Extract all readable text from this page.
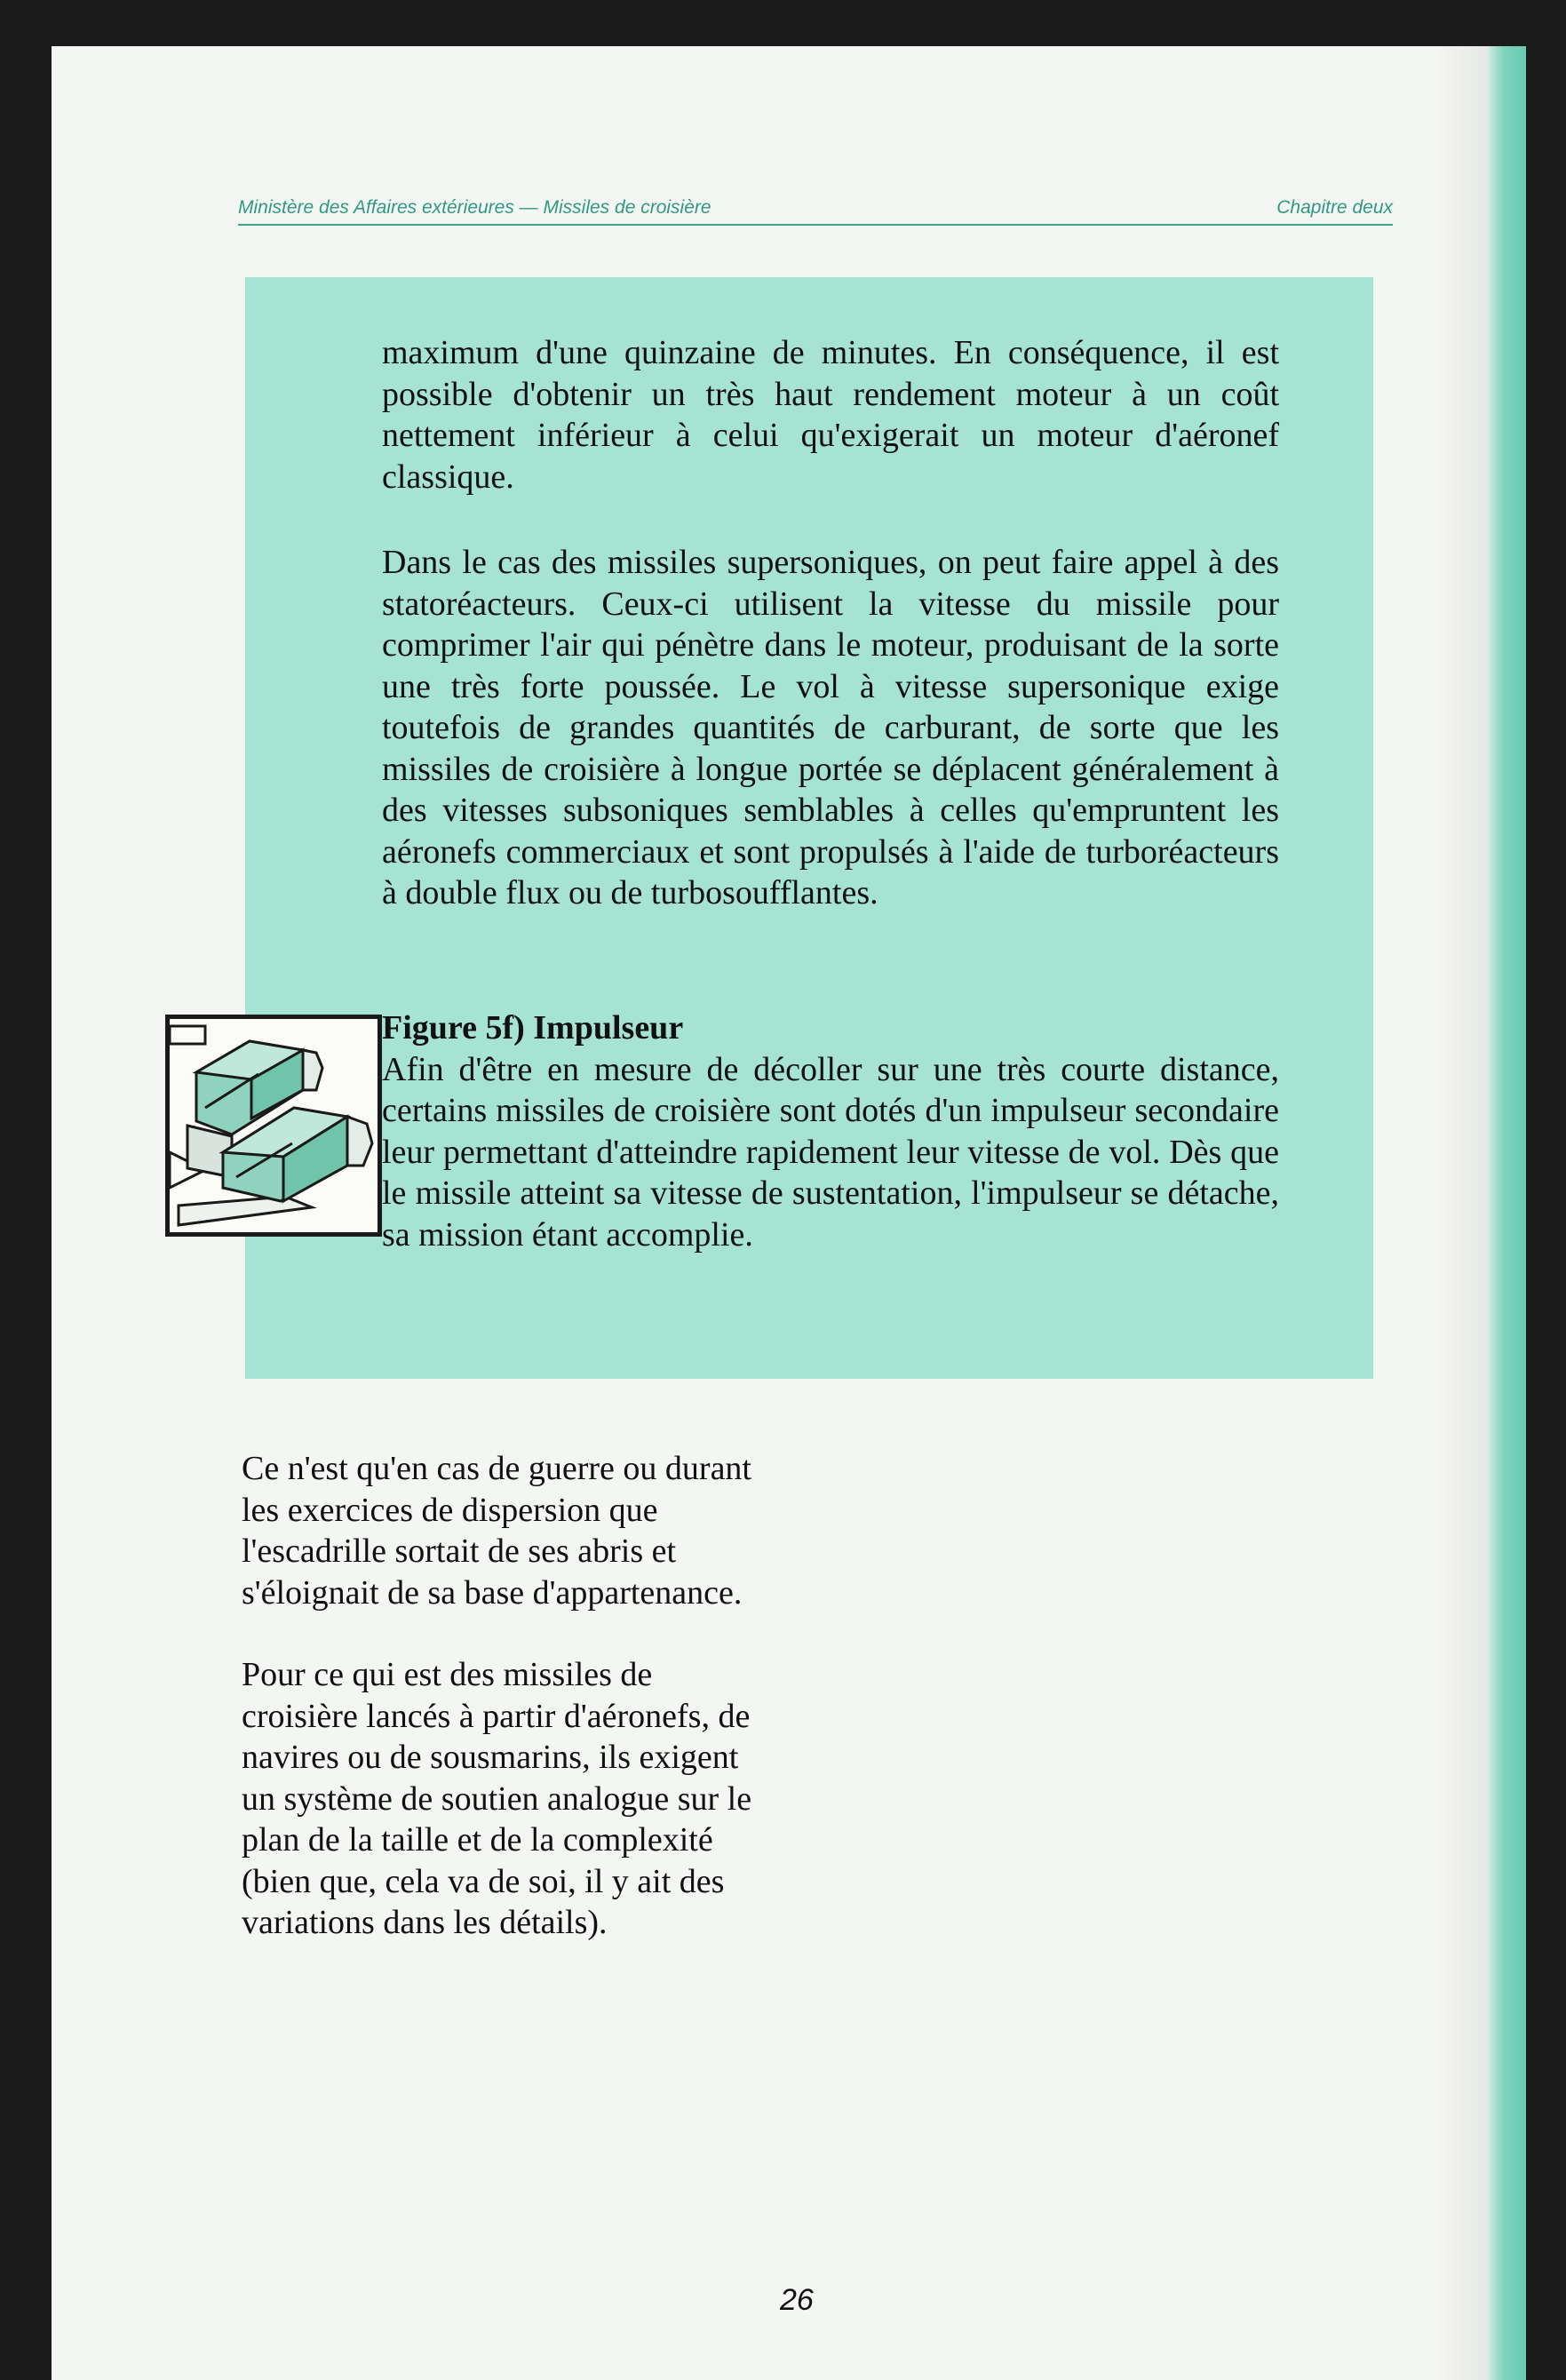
Ministère des Affaires extérieures — Missiles de croisière	Chapitre deux

maximum d'une quinzaine de minutes. En conséquence, il est possible d'obtenir un très haut rendement moteur à un coût nettement inférieur à celui qu'exigerait un moteur d'aéronef classique.

Dans le cas des missiles supersoniques, on peut faire appel à des statoréacteurs. Ceux-ci utilisent la vitesse du missile pour comprimer l'air qui pénètre dans le moteur, produisant de la sorte une très forte poussée. Le vol à vitesse supersonique exige toutefois de grandes quantités de carburant, de sorte que les missiles de croisière à longue portée se déplacent généralement à des vitesses subsoniques semblables à celles qu'empruntent les aéronefs commerciaux et sont propulsés à l'aide de turboréacteurs à double flux ou de turbosoufflantes.

Figure 5f) Impulseur

Afin d'être en mesure de décoller sur une très courte distance, certains missiles de croisière sont dotés d'un impulseur secondaire leur permettant d'atteindre rapidement leur vitesse de vol. Dès que le missile atteint sa vitesse de sustentation, l'impulseur se détache, sa mission étant accomplie.

Ce n'est qu'en cas de guerre ou durant les exercices de dispersion que l'escadrille sortait de ses abris et s'éloignait de sa base d'appartenance.

Pour ce qui est des missiles de croisière lancés à partir d'aéronefs, de navires ou de sousmarins, ils exigent un système de soutien analogue sur le plan de la taille et de la complexité (bien que, cela va de soi, il y ait des variations dans les détails).

26
